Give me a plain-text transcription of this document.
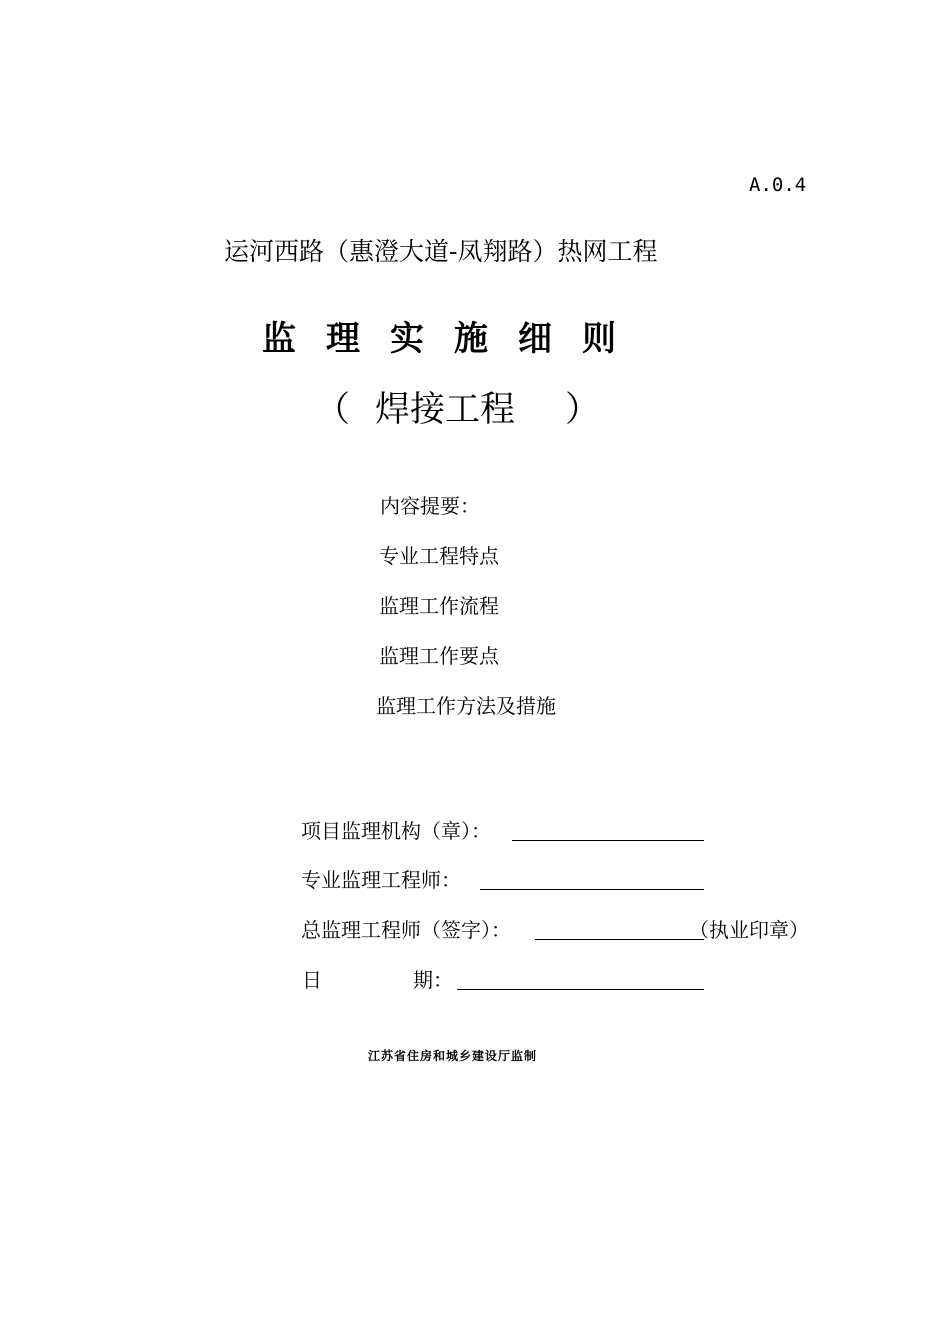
A.0.4
运河西路（惠澄大道-凤翔路）热网工程
监理实施细则
（ 焊接工程 ）
内容提要：
专业工程特点
监理工作流程
监理工作要点
监理工作方法及措施
项目监理机构（章）：
专业监理工程师：
总监理工程师（签字）：	（执业印章）
日	期：
江苏省住房和城乡建设厅监制
